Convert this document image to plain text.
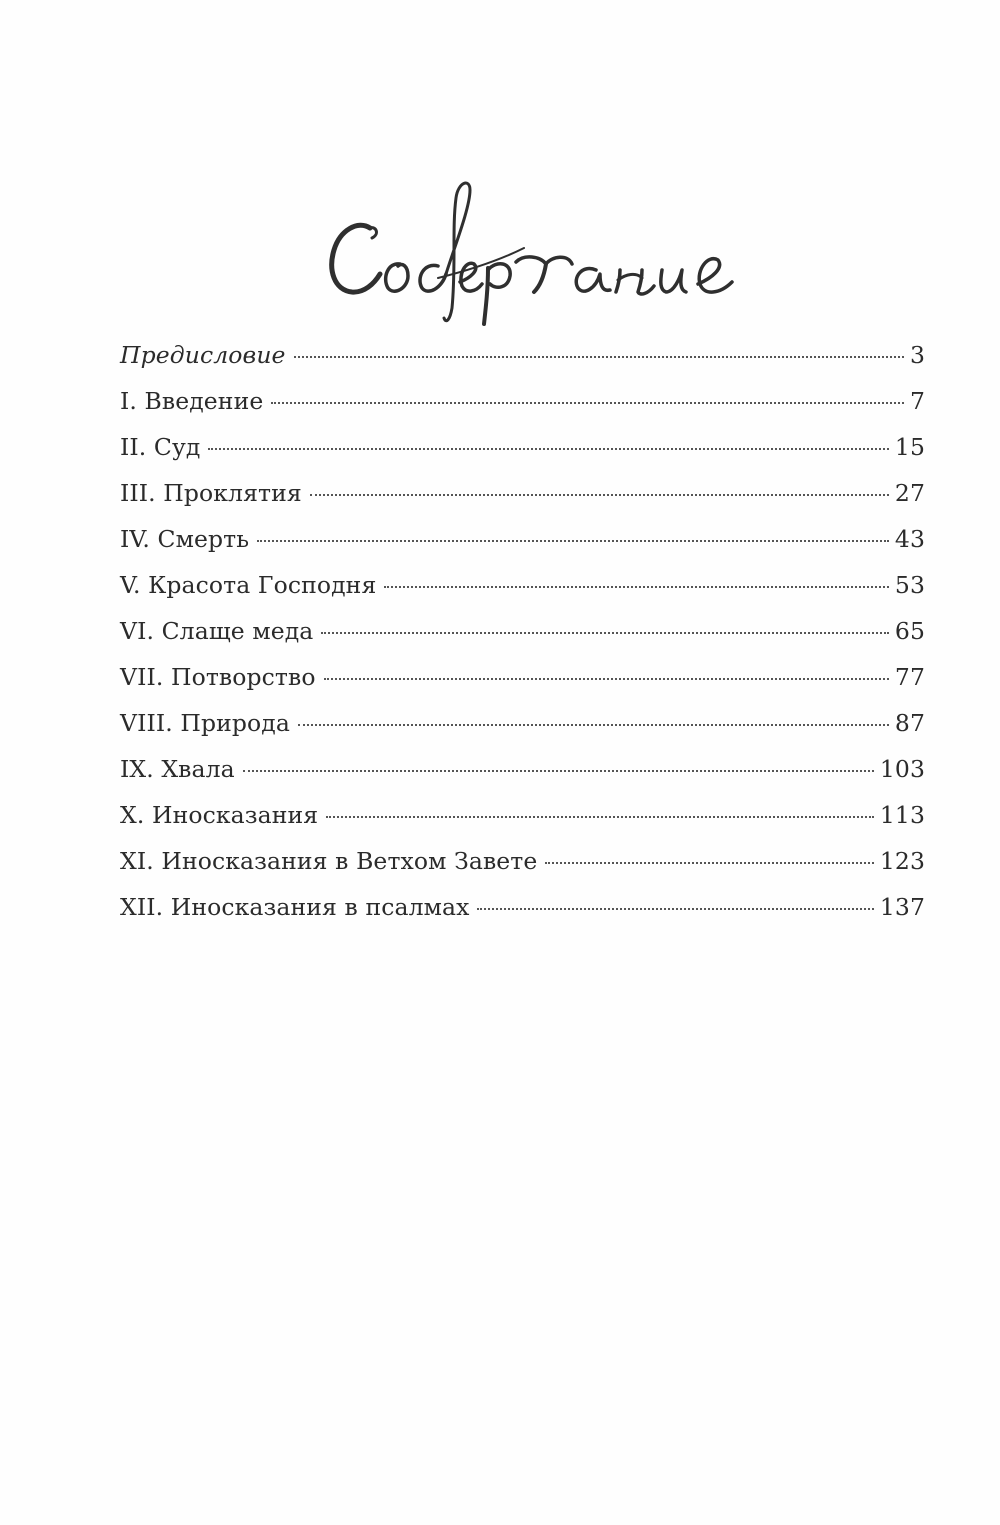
Предисловие	3
I. Введение	7
II. Суд	15
III. Проклятия	27
IV. Смерть	43
V. Красота Господня	53
VI. Слаще меда	65
VII. Потворство	77
VIII. Природа	87
IX. Хвала	103
X. Иносказания	113
XI. Иносказания в Ветхом Завете	123
XII. Иносказания в псалмах	137
